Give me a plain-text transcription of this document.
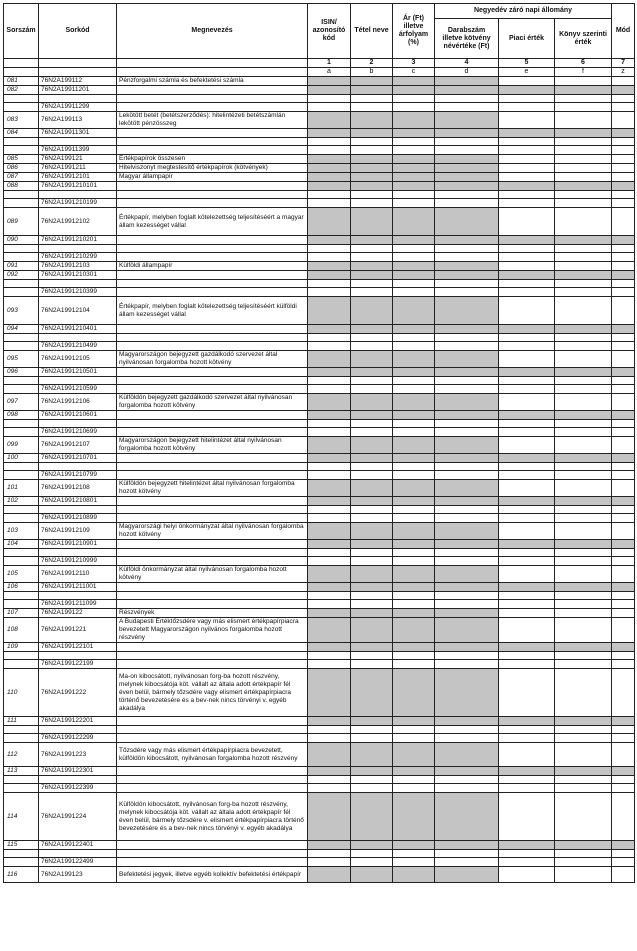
Sorszám	Sorkód	Megnevezés	ISIN/ azonosító kód	Tétel neve	Ár (Ft) illetve árfolyam (%)	Negyedév záró napi állomány			Mód
						Darabszám illetve kötvény névértéke (Ft)	Piaci érték	Könyv szerinti érték	
			1	2	3	4	5	6	7
			a	b	c	d	e	f	z
081	76N2A199112	Pénzforgalmi számla és befektetési számla							
082	76N2A19911201								

	76N2A19911299								
083	76N2A199113	Lekötött betét (betétszerződés): hitelintézeti betétszámlán lekötött pénzösszeg							
084	76N2A19911301								

	76N2A19911399								
085	76N2A199121	Értékpapírok összesen							
086	76N2A1991211	Hitelviszonyt megtestesítő értékpapírok (kötvények)							
087	76N2A19912101	Magyar állampapír							
088	76N2A1991210101								

	76N2A1991210199								
089	76N2A19912102	Értékpapír, melyben foglalt kötelezettség teljesítéséért a magyar állam kezességet vállal							
090	76N2A1991210201								

	76N2A1991210299								
091	76N2A19912103	Külföldi állampapír							
092	76N2A1991210301								

	76N2A1991210399								
093	76N2A19912104	Értékpapír, melyben foglalt kötelezettség teljesítéséért külföldi állam kezességet vállal							
094	76N2A1991210401								

	76N2A1991210499								
095	76N2A19912105	Magyarországon bejegyzett gazdálkodó szervezet által nyilvánosan forgalomba hozott kötvény							
096	76N2A1991210501								

	76N2A1991210599								
097	76N2A19912106	Külföldön bejegyzett gazdálkodó szervezet által nyilvánosan forgalomba hozott kötvény							
098	76N2A1991210601								

	76N2A1991210699								
099	76N2A19912107	Magyarországon bejegyzett hitelintézet által nyilvánosan forgalomba hozott kötvény							
100	76N2A1991210701								

	76N2A1991210799								
101	76N2A19912108	Külföldön bejegyzett hitelintézet által nyilvánosan forgalomba hozott kötvény							
102	76N2A1991210801								

	76N2A1991210899								
103	76N2A19912109	Magyarországi helyi önkormányzat által nyilvánosan forgalomba hozott kötvény							
104	76N2A1991210901								

	76N2A1991210999								
105	76N2A19912110	Külföldi önkormányzat által nyilvánosan forgalomba hozott kötvény							
106	76N2A1991211001								

	76N2A1991211099								
107	76N2A199122	Részvények							
108	76N2A1991221	A Budapesti Értéktőzsdére vagy más elismert értékpapírpiacra bevezetett Magyarországon nyilvános forgalomba hozott részvény							
109	76N2A199122101								

	76N2A199122199								
110	76N2A1991222	Ma-on kibocsátott, nyilvánosan forg-ba hozott részvény, melynek kibocsátója köt. vállalt az általa adott értékpapír fél éven belül, bármely tőzsdére vagy elismert értékpapírpiacra történő bevezetésére és a bev-nek nincs törvényi v. egyéb akadálya							
111	76N2A199122201								

	76N2A199122299								
112	76N2A1991223	Tőzsdére vagy más elismert értékpapírpiacra bevezetett, külföldön kibocsátott, nyilvánosan forgalomba hozott részvény							
113	76N2A199122301								

	76N2A199122399								
114	76N2A1991224	Külföldön kibocsátott, nyilvánosan forg-ba hozott részvény, melynek kibocsátója köt. vállalt az általa adott értékpapír fél éven belül, bármely tőzsdére v. elismert értékpapírpiacra történő bevezetésére és a bev-nek nincs törvényi v. egyéb akadálya							
115	76N2A199122401								

	76N2A199122499								
116	76N2A199123	Befektetési jegyek, illetve egyéb kollektív befektetési értékpapír							
